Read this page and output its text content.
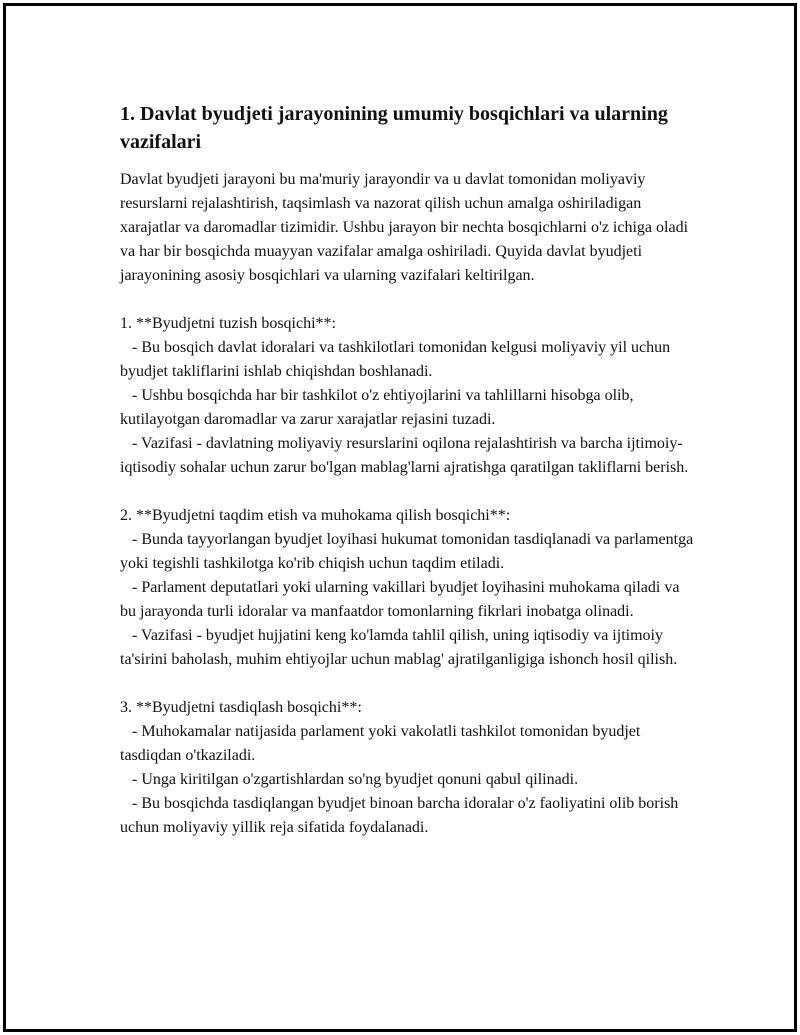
1. Davlat byudjeti jarayonining umumiy bosqichlari va ularning vazifalari

Davlat byudjeti jarayoni bu ma'muriy jarayondir va u davlat tomonidan moliyaviy resurslarni rejalashtirish, taqsimlash va nazorat qilish uchun amalga oshiriladigan xarajatlar va daromadlar tizimidir. Ushbu jarayon bir nechta bosqichlarni o'z ichiga oladi va har bir bosqichda muayyan vazifalar amalga oshiriladi. Quyida davlat byudjeti jarayonining asosiy bosqichlari va ularning vazifalari keltirilgan.

1. **Byudjetni tuzish bosqichi**:

- Bu bosqich davlat idoralari va tashkilotlari tomonidan kelgusi moliyaviy yil uchun byudjet takliflarini ishlab chiqishdan boshlanadi.

- Ushbu bosqichda har bir tashkilot o'z ehtiyojlarini va tahlillarni hisobga olib, kutilayotgan daromadlar va zarur xarajatlar rejasini tuzadi.

- Vazifasi - davlatning moliyaviy resurslarini oqilona rejalashtirish va barcha ijtimoiy-iqtisodiy sohalar uchun zarur bo'lgan mablag'larni ajratishga qaratilgan takliflarni berish.

2. **Byudjetni taqdim etish va muhokama qilish bosqichi**:

- Bunda tayyorlangan byudjet loyihasi hukumat tomonidan tasdiqlanadi va parlamentga yoki tegishli tashkilotga ko'rib chiqish uchun taqdim etiladi.

- Parlament deputatlari yoki ularning vakillari byudjet loyihasini muhokama qiladi va bu jarayonda turli idoralar va manfaatdor tomonlarning fikrlari inobatga olinadi.

- Vazifasi - byudjet hujjatini keng ko'lamda tahlil qilish, uning iqtisodiy va ijtimoiy ta'sirini baholash, muhim ehtiyojlar uchun mablag' ajratilganligiga ishonch hosil qilish.

3. **Byudjetni tasdiqlash bosqichi**:

- Muhokamalar natijasida parlament yoki vakolatli tashkilot tomonidan byudjet tasdiqdan o'tkaziladi.

- Unga kiritilgan o'zgartishlardan so'ng byudjet qonuni qabul qilinadi.

- Bu bosqichda tasdiqlangan byudjet binoan barcha idoralar o'z faoliyatini olib borish uchun moliyaviy yillik reja sifatida foydalanadi.
